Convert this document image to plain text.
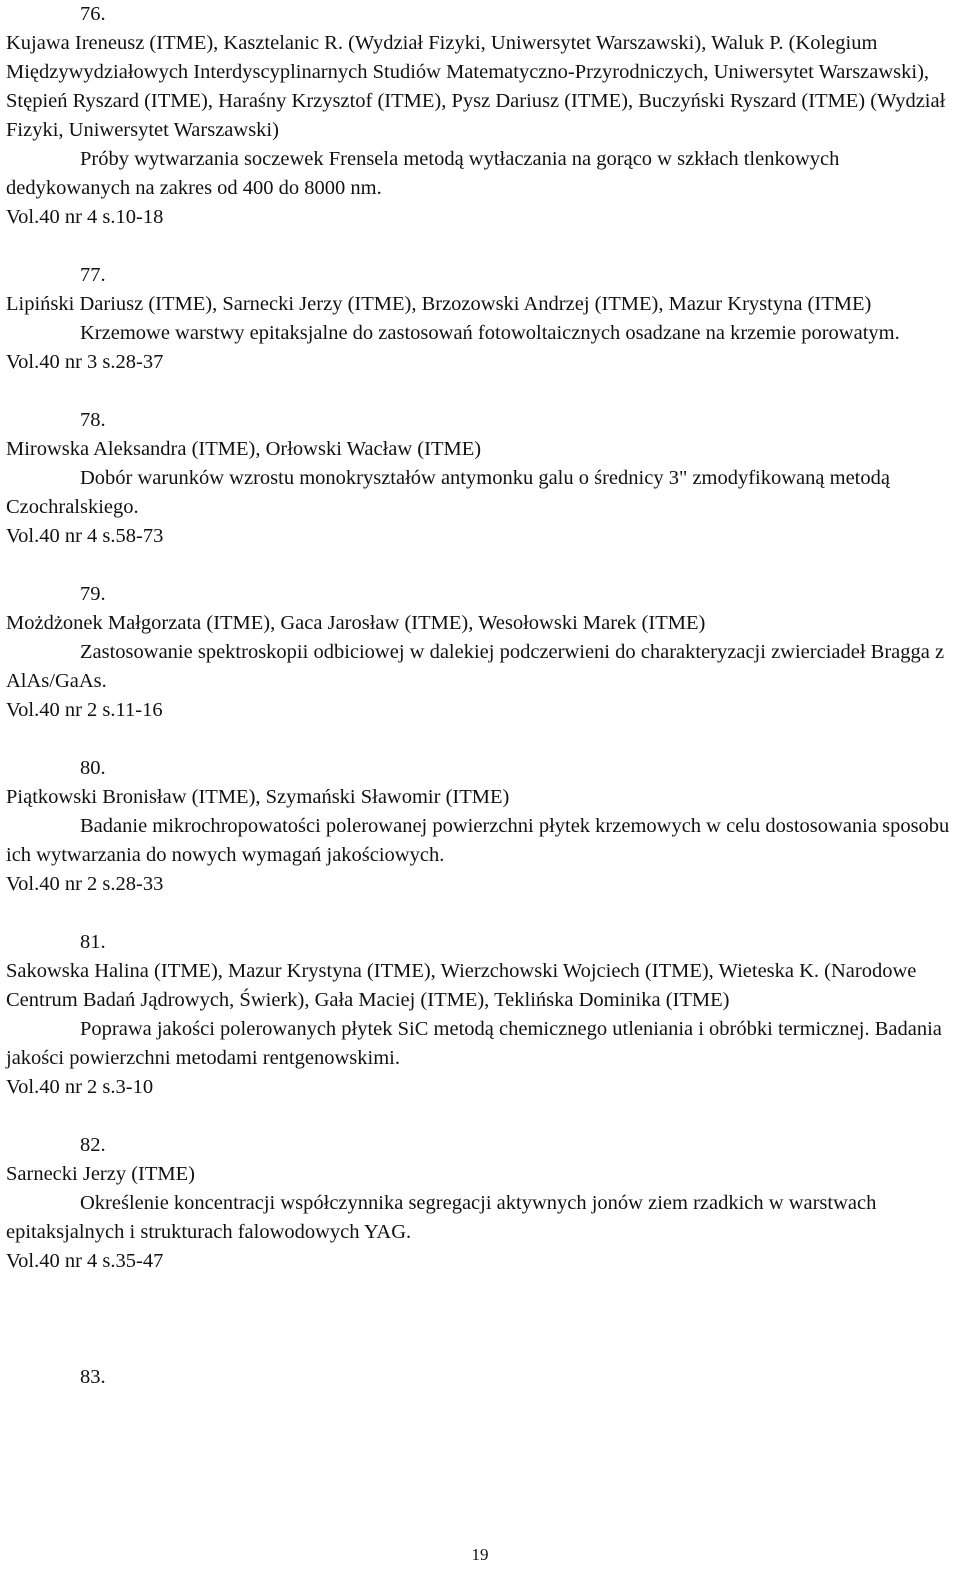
76.

Kujawa Ireneusz (ITME), Kasztelanic R. (Wydział Fizyki, Uniwersytet Warszawski), Waluk P. (Kolegium Międzywydziałowych Interdyscyplinarnych Studiów Matematyczno-Przyrodniczych, Uniwersytet Warszawski), Stępień Ryszard (ITME), Haraśny Krzysztof (ITME), Pysz Dariusz (ITME), Buczyński Ryszard (ITME) (Wydział Fizyki, Uniwersytet Warszawski)

Próby wytwarzania soczewek Frensela metodą wytłaczania na gorąco w szkłach tlenkowych dedykowanych na zakres od 400 do 8000 nm.

Vol.40 nr 4 s.10-18

77.

Lipiński Dariusz (ITME), Sarnecki Jerzy (ITME), Brzozowski Andrzej (ITME), Mazur Krystyna (ITME)

Krzemowe warstwy epitaksjalne do zastosowań fotowoltaicznych osadzane na krzemie porowatym.

Vol.40 nr 3 s.28-37

78.

Mirowska Aleksandra (ITME), Orłowski Wacław (ITME)

Dobór warunków wzrostu monokryształów antymonku galu o średnicy 3" zmodyfikowaną metodą Czochralskiego.

Vol.40 nr 4 s.58-73

79.

Możdżonek Małgorzata (ITME), Gaca Jarosław (ITME), Wesołowski Marek (ITME)

Zastosowanie spektroskopii odbiciowej w dalekiej podczerwieni do charakteryzacji zwierciadeł Bragga z AlAs/GaAs.

Vol.40 nr 2 s.11-16

80.

Piątkowski Bronisław (ITME), Szymański Sławomir (ITME)

Badanie mikrochropowatości polerowanej powierzchni płytek krzemowych w celu dostosowania sposobu ich wytwarzania do nowych wymagań jakościowych.

Vol.40 nr 2 s.28-33

81.

Sakowska Halina (ITME), Mazur Krystyna (ITME), Wierzchowski Wojciech (ITME), Wieteska K. (Narodowe Centrum Badań Jądrowych, Świerk), Gała Maciej (ITME), Teklińska Dominika (ITME)

Poprawa jakości polerowanych płytek SiC metodą chemicznego utleniania i obróbki termicznej. Badania jakości powierzchni metodami rentgenowskimi.

Vol.40 nr 2 s.3-10

82.

Sarnecki Jerzy (ITME)

Określenie koncentracji współczynnika segregacji aktywnych jonów ziem rzadkich w warstwach epitaksjalnych i strukturach falowodowych YAG.

Vol.40 nr 4 s.35-47

83.

19
